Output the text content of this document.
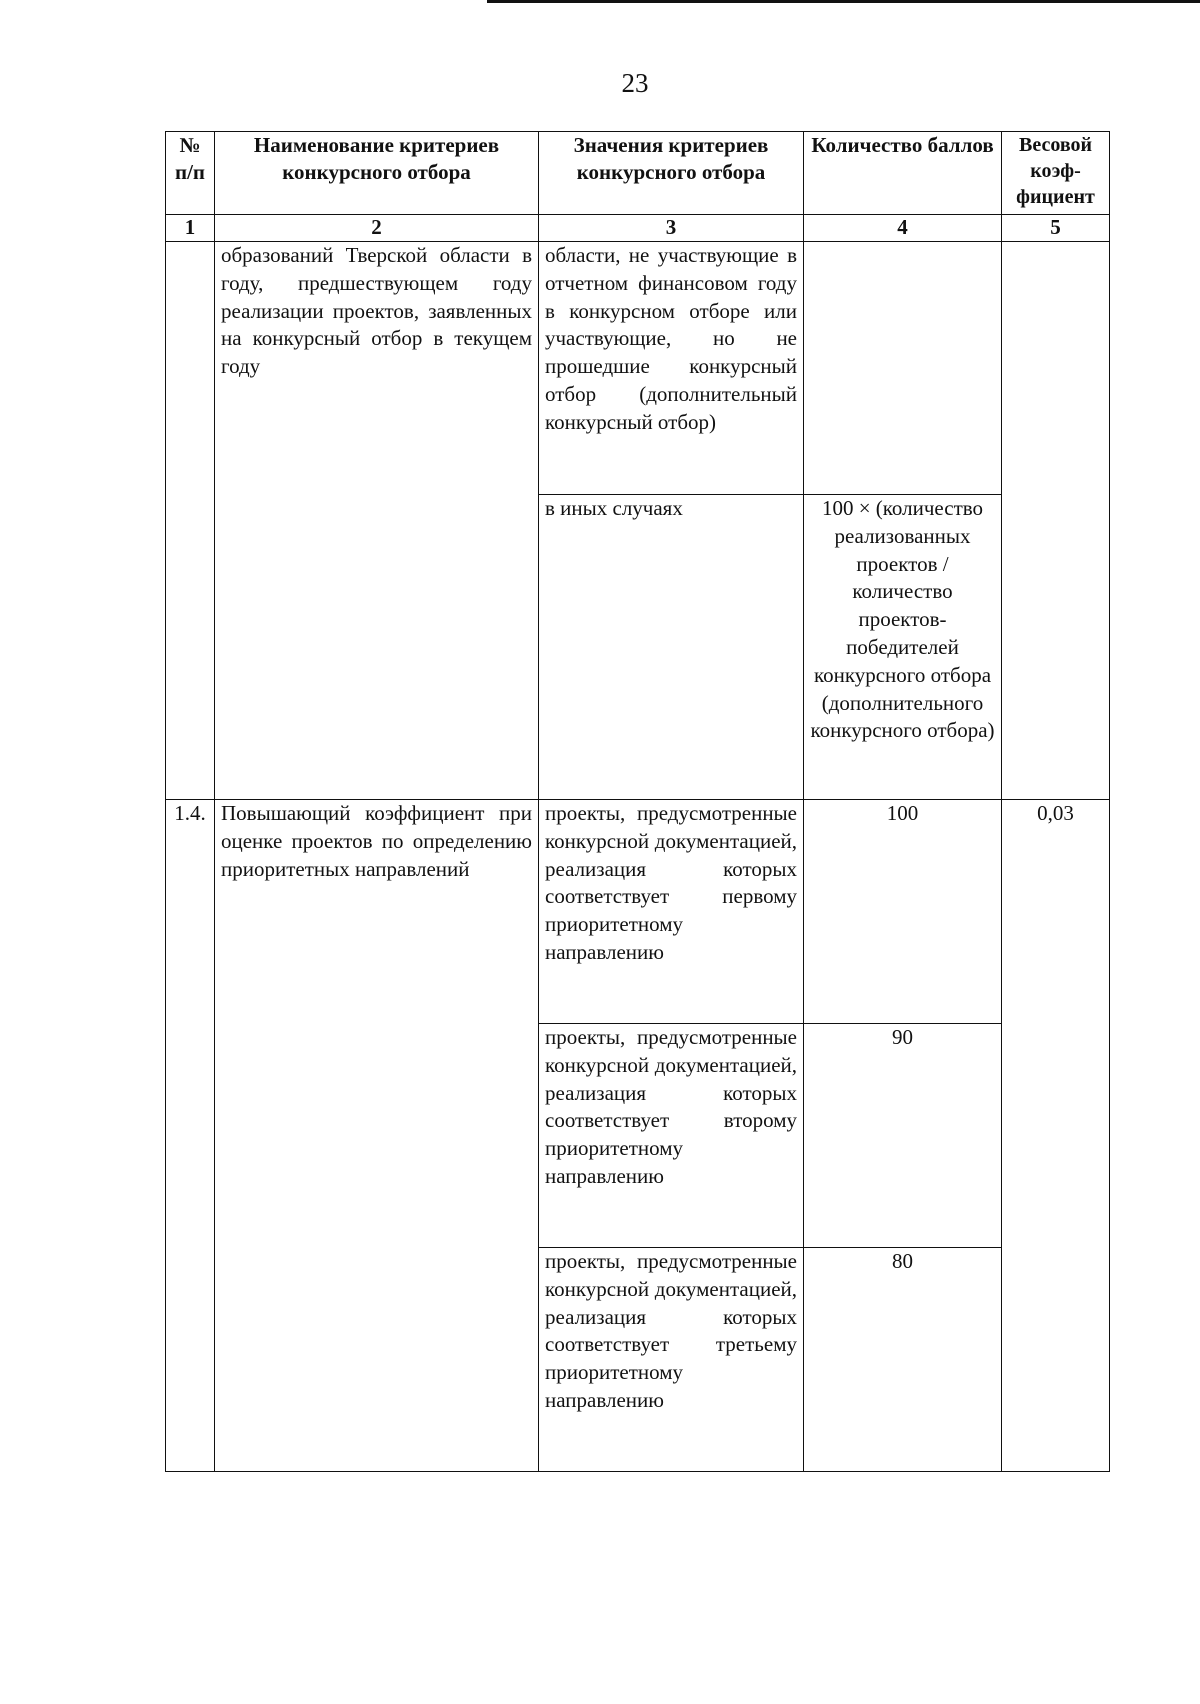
23
№ п/п	Наименование критериев конкурсного отбора	Значения критериев конкурсного отбора	Количество баллов	Весовой коэф-фициент
1	2	3	4	5
	образований Тверской области в году, предшествующем году реализации проектов, заявленных на конкурсный отбор в текущем году	области, не участвующие в отчетном финансовом году в конкурсном отборе или участвующие, но не прошедшие конкурсный отбор (дополнительный конкурсный отбор)		
		в иных случаях	100 × (количество реализованных проектов / количество проектов-победителей конкурсного отбора (дополнительного конкурсного отбора)	
1.4.	Повышающий коэффициент при оценке проектов по определению приоритетных направлений	проекты, предусмотренные конкурсной документацией, реализация которых соответствует первому приоритетному направлению	100	0,03
		проекты, предусмотренные конкурсной документацией, реализация которых соответствует второму приоритетному направлению	90	
		проекты, предусмотренные конкурсной документацией, реализация которых соответствует третьему приоритетному направлению	80	
